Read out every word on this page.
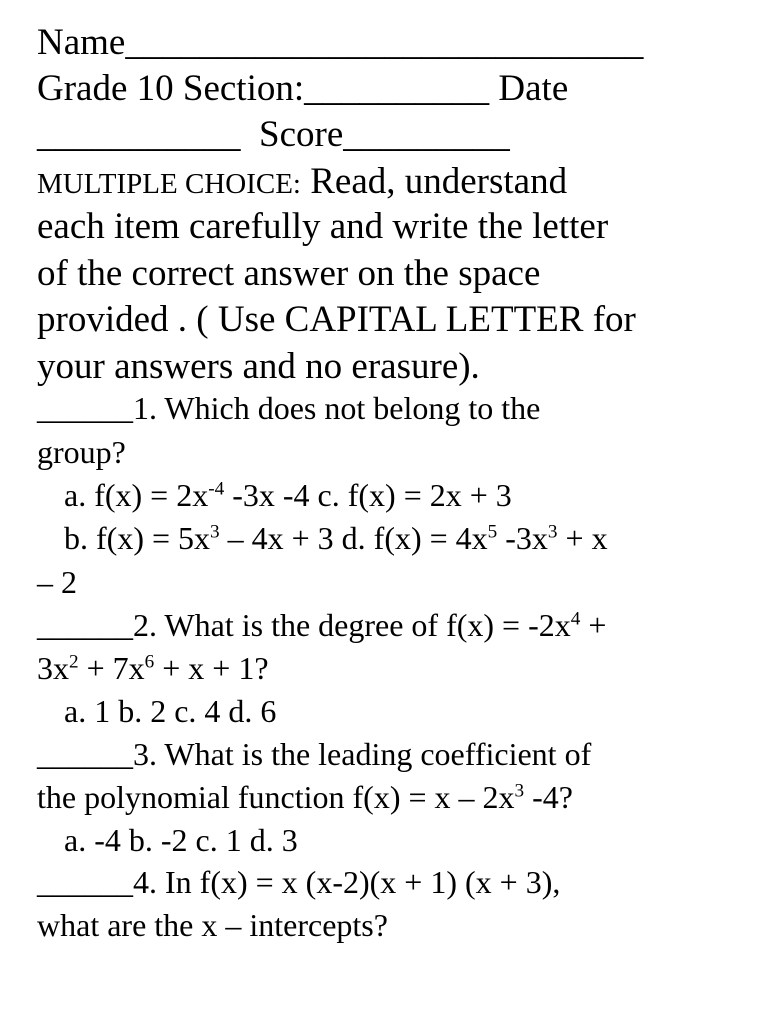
Name____________________________
Grade 10 Section:__________ Date
___________ Score_________
MULTIPLE CHOICE: Read, understand
each item carefully and write the letter
of the correct answer on the space
provided . ( Use CAPITAL LETTER for
your answers and no erasure).
______1. Which does not belong to the
group?
a. $f(x) = 2x^{-4}$ -3x -4 c. f(x) = 2x + 3
b. $f(x) = 5x^3 - 4x + 3$ d. $f(x) = 4x^5$ $-3x^3 + x$
– 2
______2. What is the degree of $f(x) = -2x^4$ +
$3x^2 + 7x^6 + x + 1$?
a. 1 b. 2 c. 4 d. 6
______3. What is the leading coefficient of
the polynomial function $f(x) = x - 2x^3$ -4?
a. -4 b. -2 c. 1 d. 3
______4. In f(x) = x (x-2)(x + 1) (x + 3),
what are the x – intercepts?
